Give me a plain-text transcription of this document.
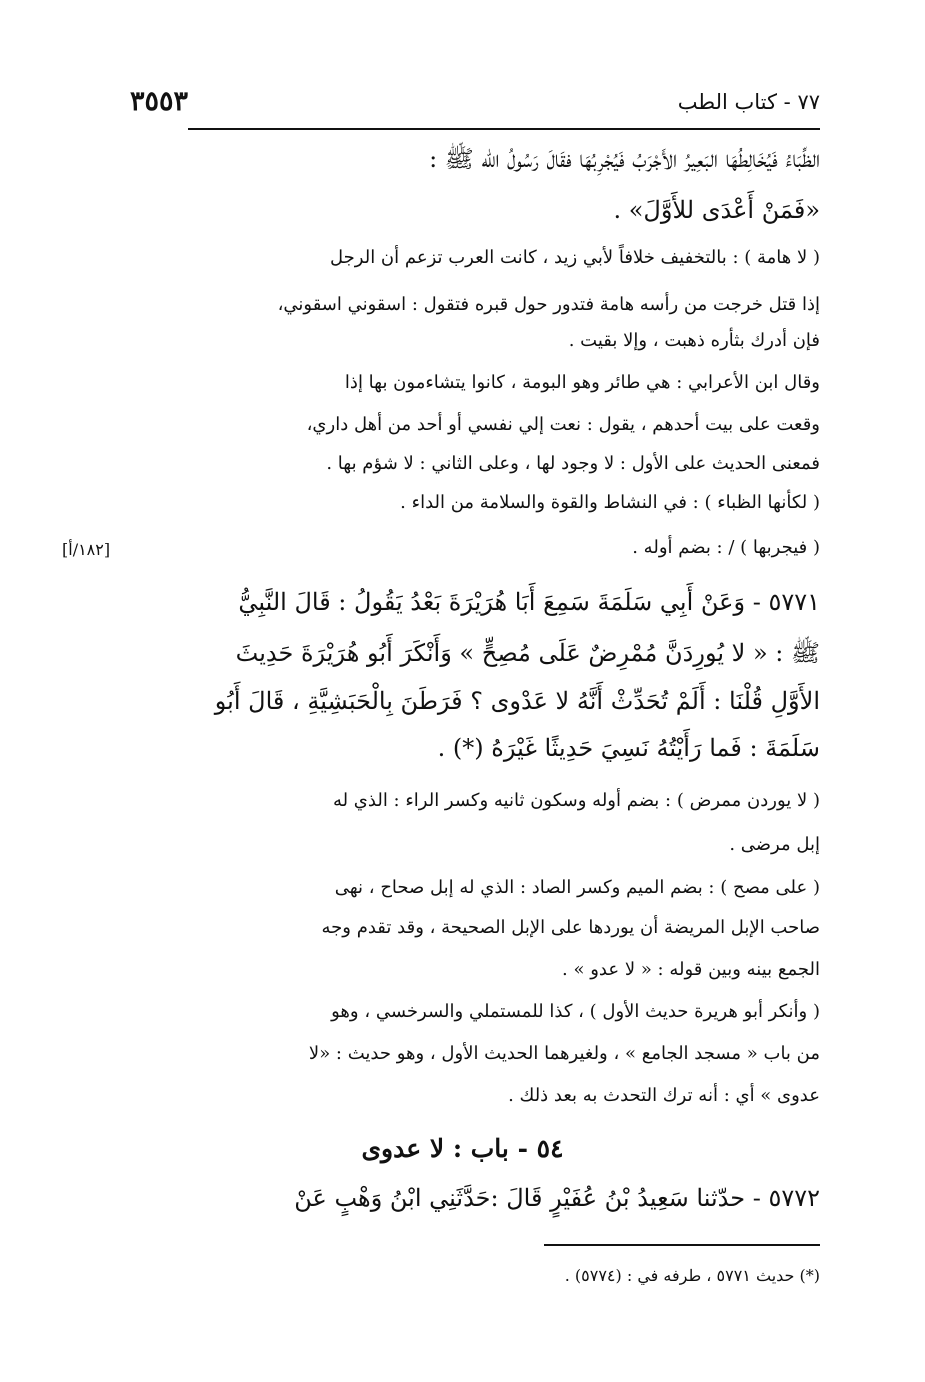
٧٧ - كتاب الطب
٣٥٥٣
الظِّبَاءُ فَيُخَالِطُهَا البَعِيرُ الأَجْرَبُ فَيُجْرِبُهَا فقَالَ رَسُولُ الله ﷺ :
«فَمَنْ أَعْدَى للأَوَّلَ» .
( لا هامة ) : بالتخفيف خلافاً لأبي زيد ، كانت العرب تزعم أن الرجل
إذا قتل خرجت من رأسه هامة فتدور حول قبره فتقول : اسقوني اسقوني،
فإن أدرك بثأره ذهبت ، وإلا بقيت .
وقال ابن الأعرابي : هي طائر وهو البومة ، كانوا يتشاءمون بها إذا
وقعت على بيت أحدهم ، يقول : نعت إلي نفسي أو أحد من أهل داري،
فمعنى الحديث على الأول : لا وجود لها ، وعلى الثاني : لا شؤم بها .
( لكأنها الظباء ) : في النشاط والقوة والسلامة من الداء .
( فيجربها ) / : بضم أوله .
[١٨٢/أ]
٥٧٧١ - وَعَنْ أَبِي سَلَمَةَ سَمِعَ أَبَا هُرَيْرَةَ بَعْدُ يَقُولُ : قَالَ النَّبِيُّ
ﷺ : « لا يُورِدَنَّ مُمْرِضٌ عَلَى مُصِحٍّ » وَأَنْكَرَ أَبُو هُرَيْرَةَ حَدِيثَ
الأَوَّلِ قُلْنَا : أَلَمْ تُحَدِّثْ أَنَّهُ لا عَدْوى ؟ فَرَطَنَ بِالْحَبَشِيَّةِ ، قَالَ أَبُو
سَلَمَةَ : فَما رَأَيْتُهُ نَسِيَ حَدِيثًا غَيْرَهُ (*) .
( لا يوردن ممرض ) : بضم أوله وسكون ثانيه وكسر الراء : الذي له
إبل مرضى .
( على مصح ) : بضم الميم وكسر الصاد : الذي له إبل صحاح ، نهى
صاحب الإبل المريضة أن يوردها على الإبل الصحيحة ، وقد تقدم وجه
الجمع بينه وبين قوله : « لا عدو » .
( وأنكر أبو هريرة حديث الأول ) ، كذا للمستملي والسرخسي ، وهو
من باب « مسجد الجامع » ، ولغيرهما الحديث الأول ، وهو حديث : «لا
عدوى » أي : أنه ترك التحدث به بعد ذلك .
٥٤ - باب : لا عدوى
٥٧٧٢ - حدّثنا سَعِيدُ بْنُ عُفَيْرٍ قَالَ :حَدَّثَنِي ابْنُ وَهْبٍ عَنْ
(*) حديث ٥٧٧١ ، طرفه في : (٥٧٧٤) .
